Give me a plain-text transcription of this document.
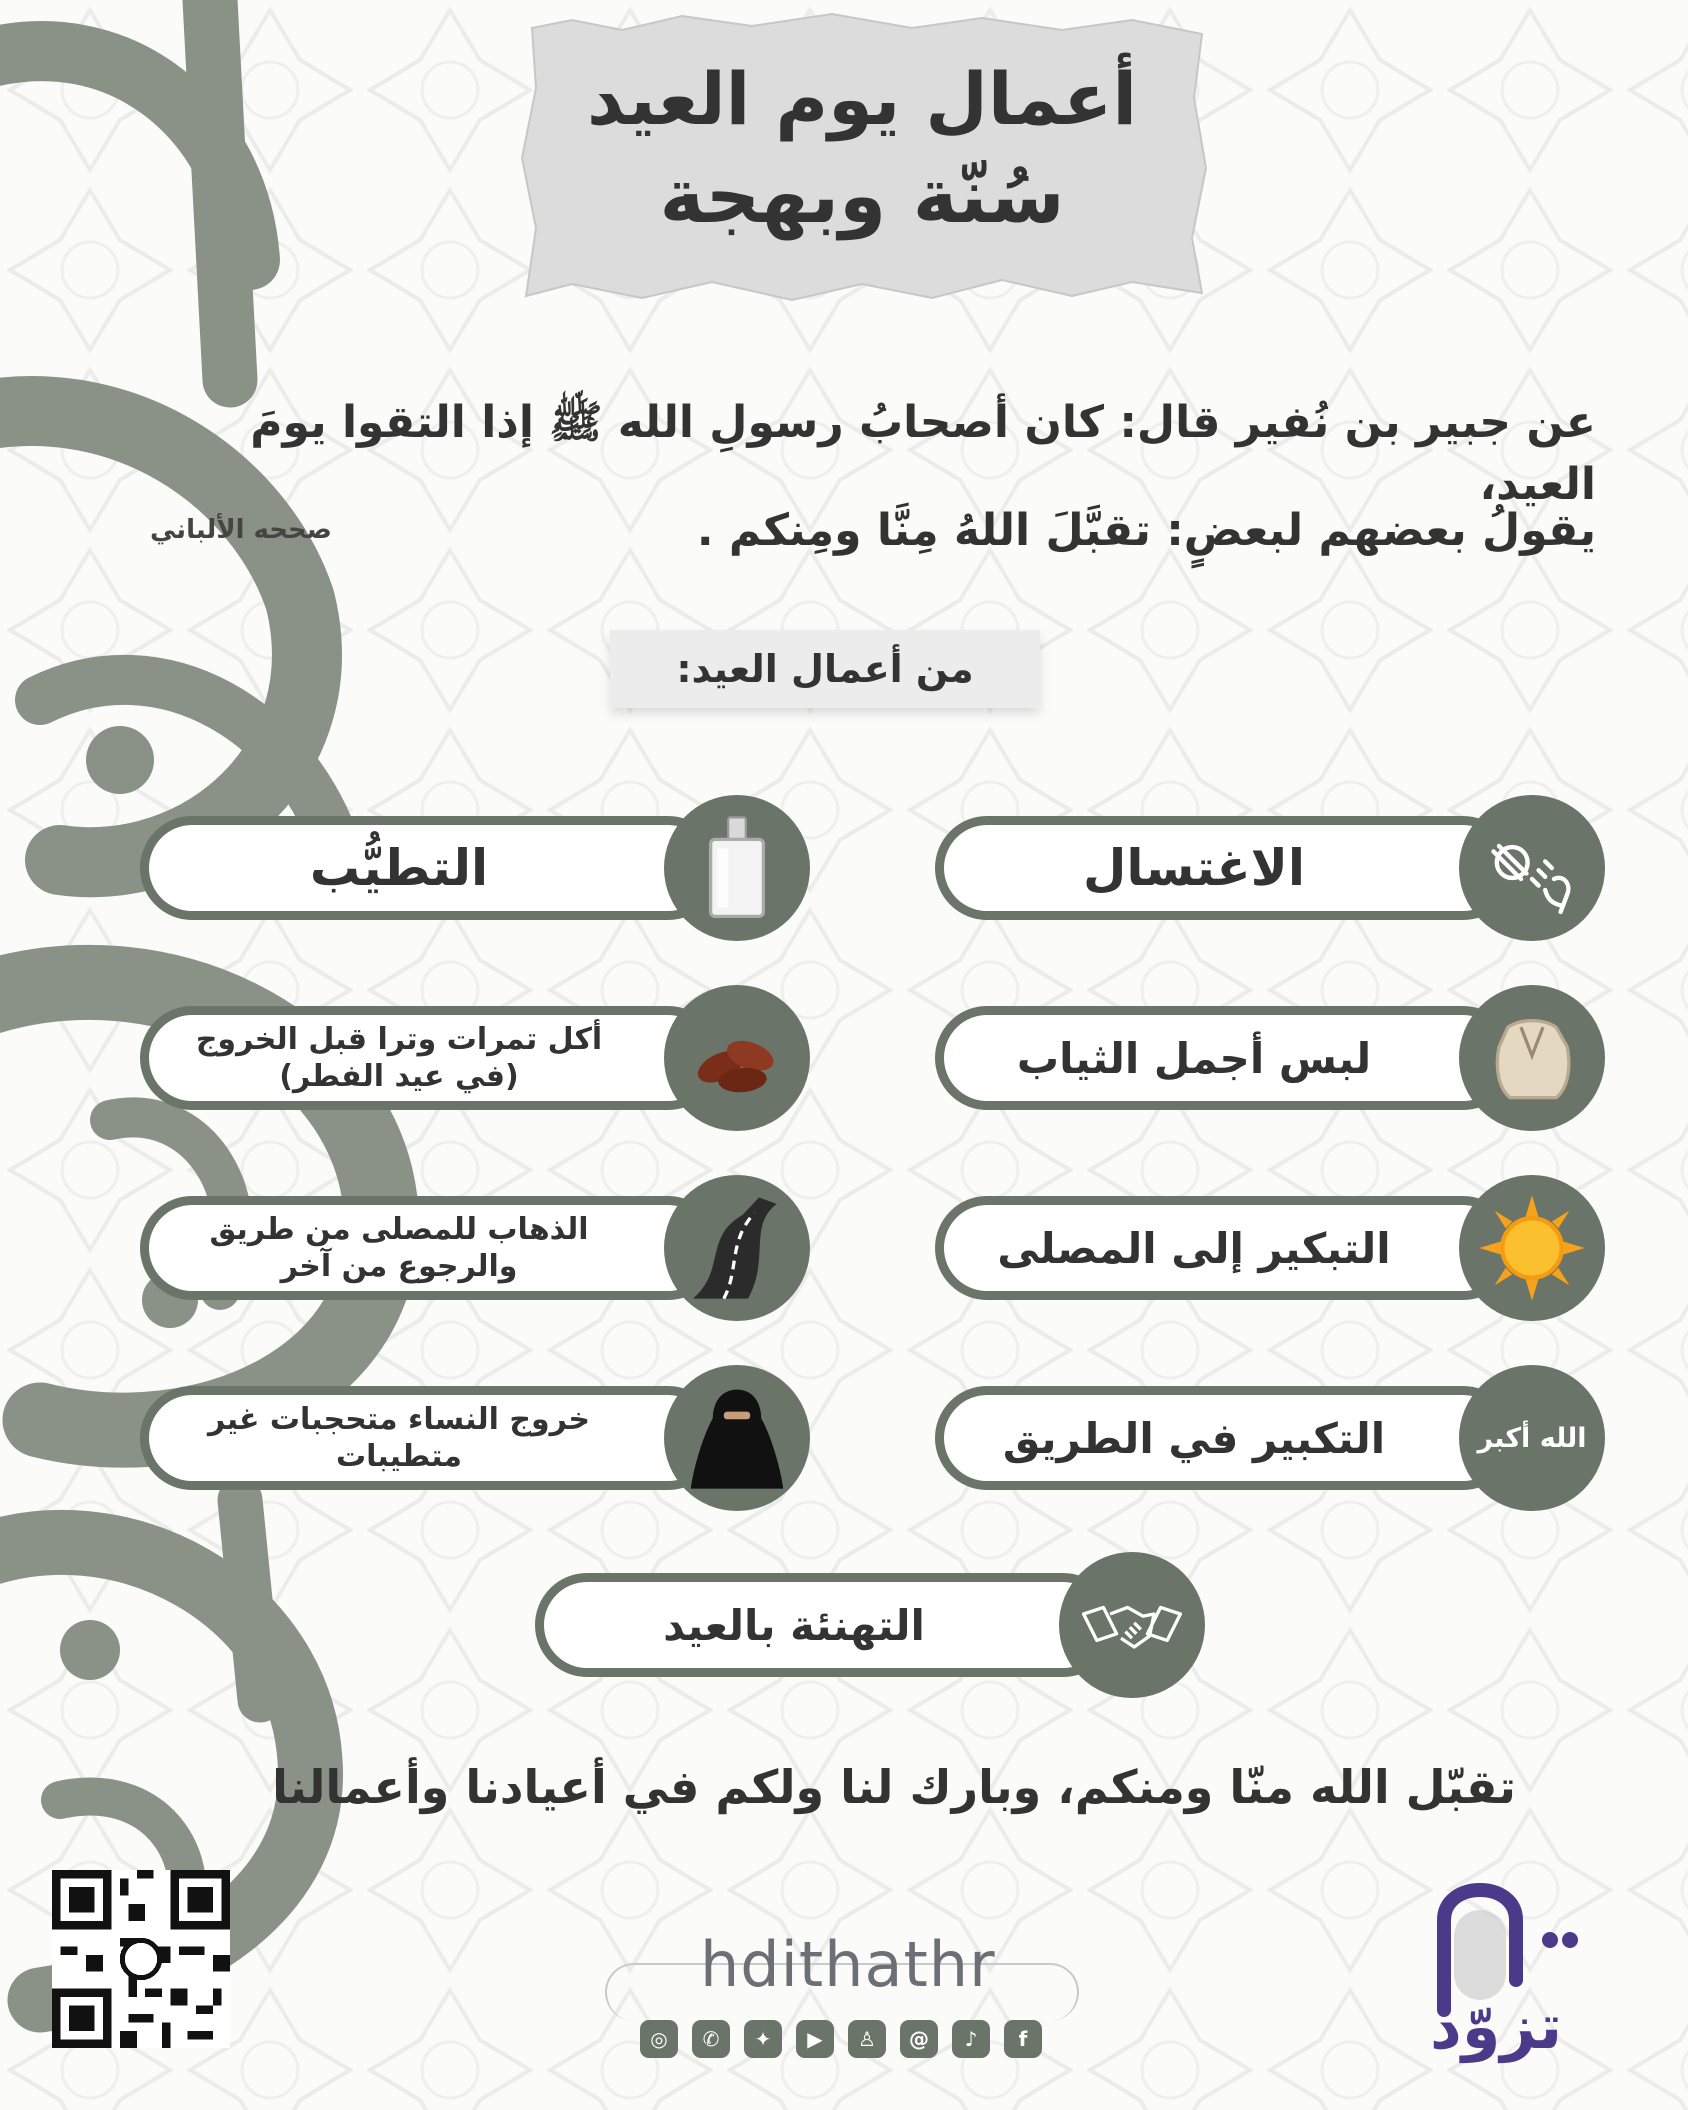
أعمال يوم العيد
سُنّة وبهجة
عن جبير بن نُفير قال: كان أصحابُ رسولِ الله ﷺ إذا التقوا يومَ العيد،
يقولُ بعضهم لبعضٍ: تقبَّلَ اللهُ مِنَّا ومِنكم .
صححه الألباني
من أعمال العيد:
الاغتسال
لبس أجمل الثياب
التبكير إلى المصلى
التكبير في الطريق	الله أكبر
التطيُّب
أكل تمرات وترا قبل الخروج
(في عيد الفطر)
الذهاب للمصلى من طريق
والرجوع من آخر
خروج النساء متحجبات غير
متطيبات
التهنئة بالعيد
تقبّل الله منّا ومنكم، وبارك لنا ولكم في أعيادنا وأعمالنا
hdithathr
◎	✆	✦	▶	♙	@	♪	f	تزوّد
